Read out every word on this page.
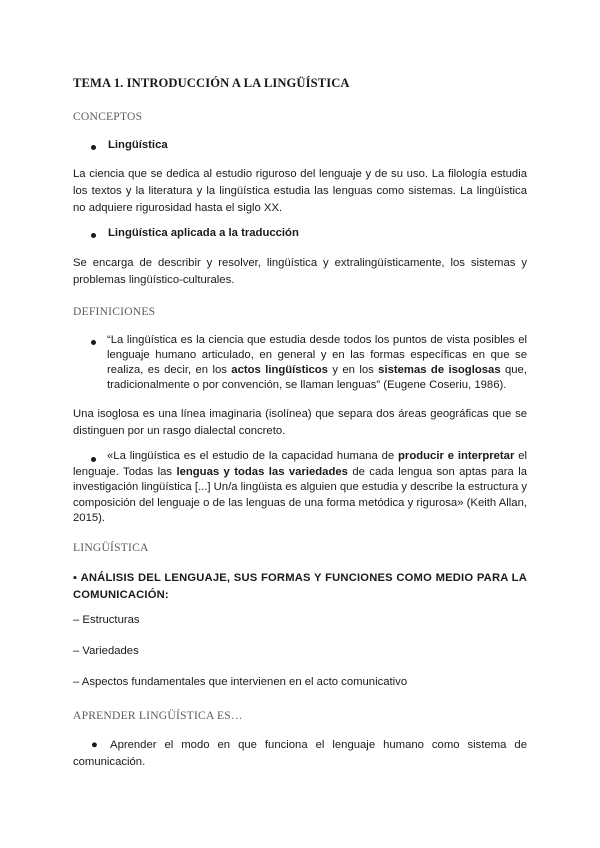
TEMA 1. INTRODUCCIÓN A LA LINGÜÍSTICA
CONCEPTOS
Lingüística
La ciencia que se dedica al estudio riguroso del lenguaje y de su uso. La filología estudia los textos y la literatura y la lingüística estudia las lenguas como sistemas. La lingüística no adquiere rigurosidad hasta el siglo XX.
Lingüística aplicada a la traducción
Se encarga de describir y resolver, lingüística y extralingüísticamente, los sistemas y problemas lingüístico-culturales.
DEFINICIONES
“La lingüística es la ciencia que estudia desde todos los puntos de vista posibles el lenguaje humano articulado, en general y en las formas específicas en que se realiza, es decir, en los actos lingüísticos y en los sistemas de isoglosas que, tradicionalmente o por convención, se llaman lenguas” (Eugene Coseriu, 1986).
Una isoglosa es una línea imaginaria (isolínea) que separa dos áreas geográficas que se distinguen por un rasgo dialectal concreto.
«La lingüística es el estudio de la capacidad humana de producir e interpretar el lenguaje. Todas las lenguas y todas las variedades de cada lengua son aptas para la investigación lingüística [...] Un/a lingüista es alguien que estudia y describe la estructura y composición del lenguaje o de las lenguas de una forma metódica y rigurosa» (Keith Allan, 2015).
LINGÜÍSTICA
▪ ANÁLISIS DEL LENGUAJE, SUS FORMAS Y FUNCIONES COMO MEDIO PARA LA COMUNICACIÓN:
– Estructuras
– Variedades
– Aspectos fundamentales que intervienen en el acto comunicativo
APRENDER LINGÜÍSTICA ES…
● Aprender el modo en que funciona el lenguaje humano como sistema de comunicación.
